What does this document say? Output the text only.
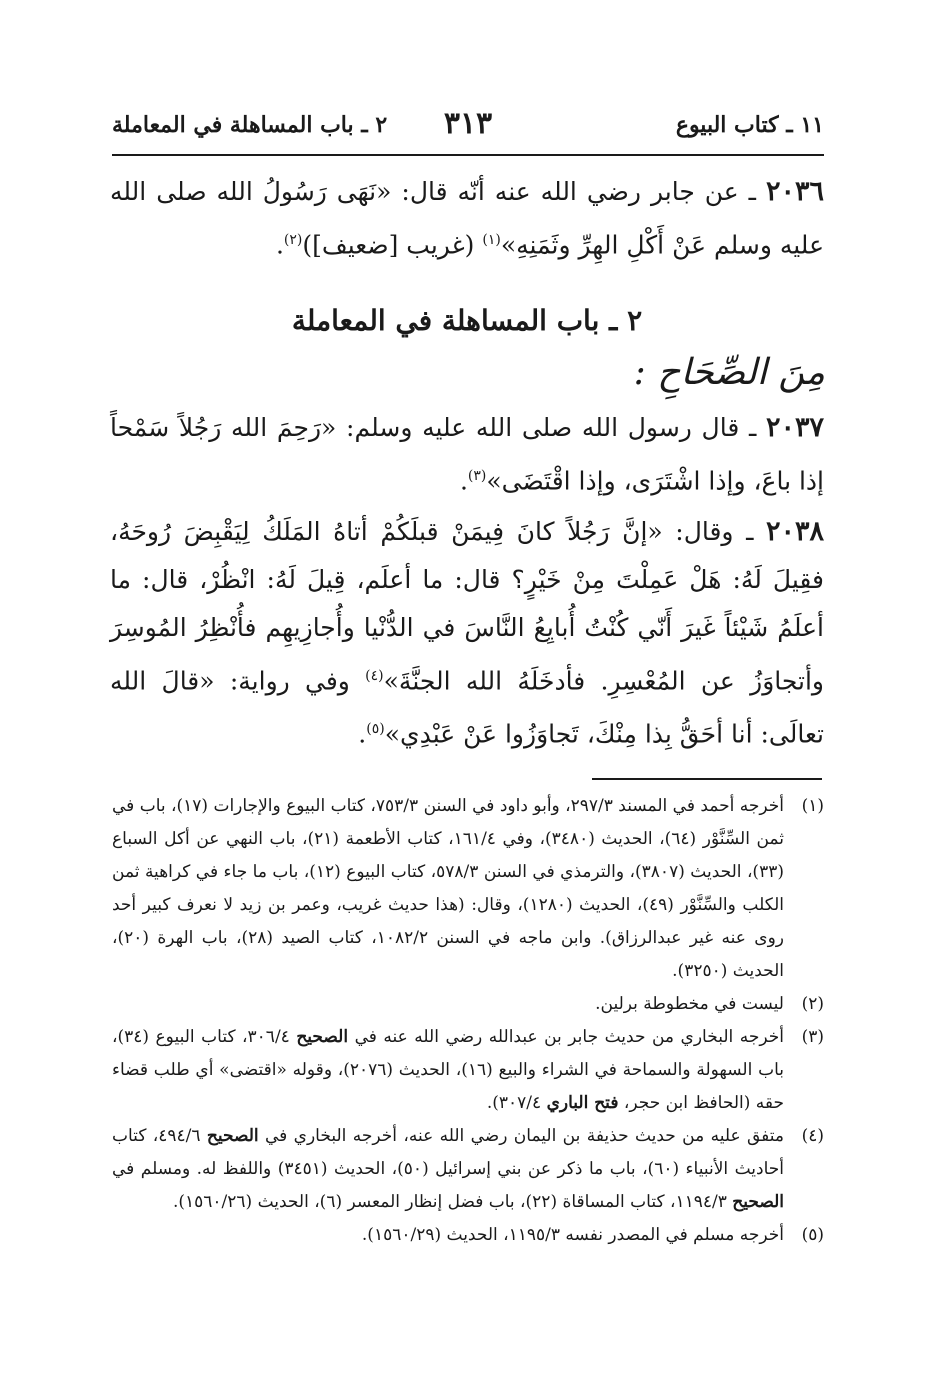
١١ ـ كتاب البيوع
٣١٣
٢ ـ باب المساهلة في المعاملة
٢٠٣٦ ـ عن جابر رضي الله عنه أنّه قال: «نَهَى رَسُولُ الله صلى الله عليه وسلم عَنْ أَكْلِ الهِرِّ وثَمَنِهِ»$^{(١)}$ (غريب [ضعيف])$^{(٢)}$.
٢ ـ باب المساهلة في المعاملة
مِنَ الصِّحَاحِ :
٢٠٣٧ ـ قال رسول الله صلى الله عليه وسلم: «رَحِمَ الله رَجُلاً سَمْحاً إذا باعَ، وإذا اشْتَرَى، وإذا اقْتَضَى»$^{(٣)}$.
٢٠٣٨ ـ وقال: «إنَّ رَجُلاً كانَ فِيمَنْ قبلَكُمْ أتاهُ المَلَكُ لِيَقْبِضَ رُوحَهُ، فقِيلَ لَهُ: هَلْ عَمِلْتَ مِنْ خَيْرٍ؟ قال: ما أعلَم، قِيلَ لَهُ: انْظُرْ، قال: ما أعلَمُ شَيْئاً غَيرَ أَنّي كُنْتُ أُبايِعُ النَّاسَ في الدُّنْيا وأُجازِيهِم فأُنْظِرُ المُوسِرَ وأتجاوَزُ عن المُعْسِرِ. فأدخَلَهُ الله الجنَّةَ»$^{(٤)}$ وفي رواية: «قالَ الله تعالَى: أنا أحَقُّ بِذا مِنْكَ، تَجاوَزُوا عَنْ عَبْدِي»$^{(٥)}$.
(١)
أخرجه أحمد في المسند ٢٩٧/٣، وأبو داود في السنن ٧٥٣/٣، كتاب البيوع والإجارات (١٧)، باب في ثمن السِّنَّوْر (٦٤)، الحديث (٣٤٨٠)، وفي ١٦١/٤، كتاب الأطعمة (٢١)، باب النهي عن أكل السباع (٣٣)، الحديث (٣٨٠٧)، والترمذي في السنن ٥٧٨/٣، كتاب البيوع (١٢)، باب ما جاء في كراهية ثمن الكلب والسِّنَّوْر (٤٩)، الحديث (١٢٨٠)، وقال: (هذا حديث غريب، وعمر بن زيد لا نعرف كبير أحد روى عنه غير عبدالرزاق). وابن ماجه في السنن ١٠٨٢/٢، كتاب الصيد (٢٨)، باب الهرة (٢٠)، الحديث (٣٢٥٠).
(٢)
ليست في مخطوطة برلين.
(٣)
أخرجه البخاري من حديث جابر بن عبدالله رضي الله عنه في الصحيح ٣٠٦/٤، كتاب البيوع (٣٤)، باب السهولة والسماحة في الشراء والبيع (١٦)، الحديث (٢٠٧٦)، وقوله «اقتضى» أي طلب قضاء حقه (الحافظ ابن حجر، فتح الباري ٣٠٧/٤).
(٤)
متفق عليه من حديث حذيفة بن اليمان رضي الله عنه، أخرجه البخاري في الصحيح ٤٩٤/٦، كتاب أحاديث الأنبياء (٦٠)، باب ما ذكر عن بني إسرائيل (٥٠)، الحديث (٣٤٥١) واللفظ له. ومسلم في الصحيح ١١٩٤/٣، كتاب المساقاة (٢٢)، باب فضل إنظار المعسر (٦)، الحديث (١٥٦٠/٢٦).
(٥)
أخرجه مسلم في المصدر نفسه ١١٩٥/٣، الحديث (١٥٦٠/٢٩).
